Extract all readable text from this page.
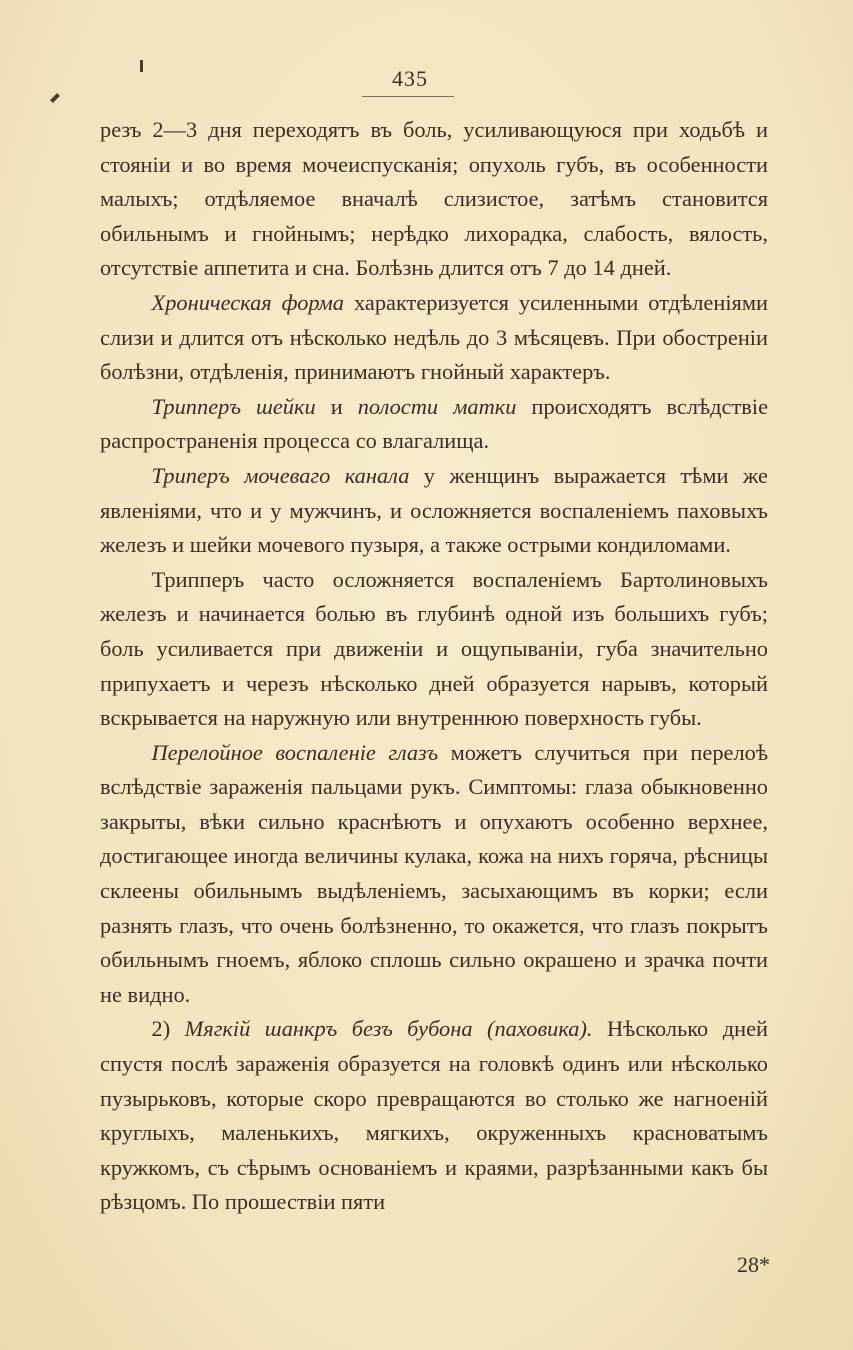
435

резъ 2—3 дня переходятъ въ боль, усиливающуюся при ходьбѣ и стояніи и во время мочеиспусканія; опухоль губъ, въ особенности малыхъ; отдѣляемое вначалѣ слизистое, затѣмъ становится обильнымъ и гнойнымъ; нерѣдко лихорадка, слабость, вялость, отсутствіе аппетита и сна. Болѣзнь длится отъ 7 до 14 дней.

Хроническая форма характеризуется усиленными отдѣленіями слизи и длится отъ нѣсколько недѣль до 3 мѣсяцевъ. При обостреніи болѣзни, отдѣленія, принимаютъ гнойный характеръ.

Трипперъ шейки и полости матки происходятъ вслѣдствіе распространенія процесса со влагалища.

Триперъ мочеваго канала у женщинъ выражается тѣми же явленіями, что и у мужчинъ, и осложняется воспаленіемъ паховыхъ железъ и шейки мочевого пузыря, а также острыми кондиломами.

Трипперъ часто осложняется воспаленіемъ Бартолиновыхъ железъ и начинается болью въ глубинѣ одной изъ большихъ губъ; боль усиливается при движеніи и ощупываніи, губа значительно припухаетъ и черезъ нѣсколько дней образуется нарывъ, который вскрывается на наружную или внутреннюю поверхность губы.

Перелойное воспаленіе глазъ можетъ случиться при перелоѣ вслѣдствіе зараженія пальцами рукъ. Симптомы: глаза обыкновенно закрыты, вѣки сильно краснѣютъ и опухаютъ особенно верхнее, достигающее иногда величины кулака, кожа на нихъ горяча, рѣсницы склеены обильнымъ выдѣленіемъ, засыхающимъ въ корки; если разнять глазъ, что очень болѣзненно, то окажется, что глазъ покрытъ обильнымъ гноемъ, яблоко сплошь сильно окрашено и зрачка почти не видно.

2) Мягкій шанкръ безъ бубона (паховика). Нѣсколько дней спустя послѣ зараженія образуется на головкѣ одинъ или нѣсколько пузырьковъ, которые скоро превращаются во столько же нагноеній круглыхъ, маленькихъ, мягкихъ, окруженныхъ красноватымъ кружкомъ, съ сѣрымъ основаніемъ и краями, разрѣзанными какъ бы рѣзцомъ. По прошествіи пяти

28*
